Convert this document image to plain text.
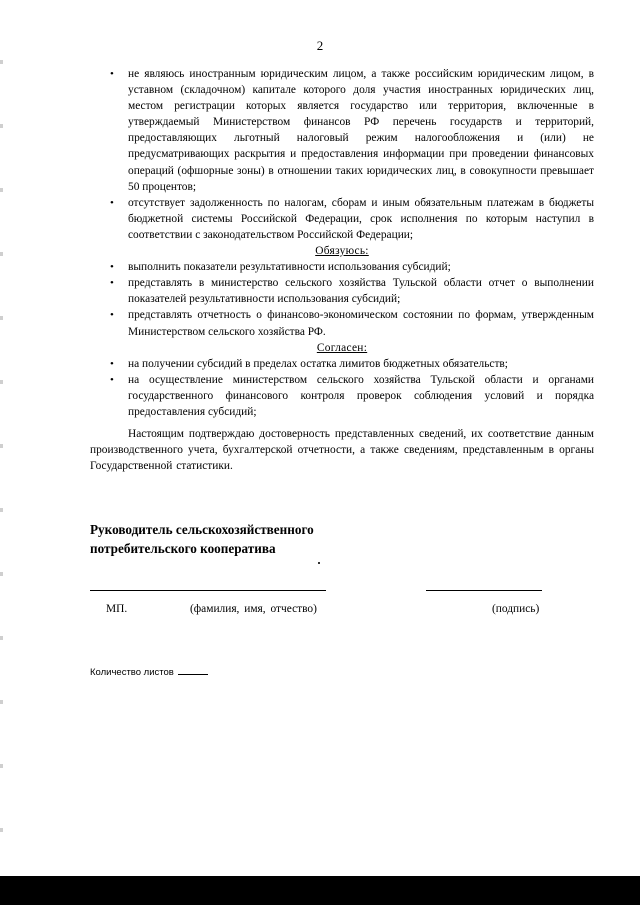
2
• не являюсь иностранным юридическим лицом, а также российским юридическим лицом, в уставном (складочном) капитале которого доля участия иностранных юридических лиц, местом регистрации которых является государство или территория, включенные в утверждаемый Министерством финансов РФ перечень государств и территорий, предоставляющих льготный налоговый режим налогообложения и (или) не предусматривающих раскрытия и предоставления информации при проведении финансовых операций (офшорные зоны) в отношении таких юридических лиц, в совокупности превышает 50 процентов;
• отсутствует задолженность по налогам, сборам и иным обязательным платежам в бюджеты бюджетной системы Российской Федерации, срок исполнения по которым наступил в соответствии с законодательством Российской Федерации;

Обязуюсь:

• выполнить показатели результативности использования субсидий;
• представлять в министерство сельского хозяйства Тульской области отчет о выполнении показателей результативности использования субсидий;
• представлять отчетность о финансово-экономическом состоянии по формам, утвержденным Министерством сельского хозяйства РФ.

Согласен:

• на получении субсидий в пределах остатка лимитов бюджетных обязательств;
• на осуществление министерством сельского хозяйства Тульской области и органами государственного финансового контроля проверок соблюдения условий и порядка предоставления субсидий;

Настоящим подтверждаю достоверность представленных сведений, их соответствие данным производственного учета, бухгалтерской отчетности, а также сведениям, представленным в органы Государственной статистики.

Руководитель сельскохозяйственного
потребительского кооператива
МП.	(фамилия, имя, отчество)	(подпись)
Количество листов
